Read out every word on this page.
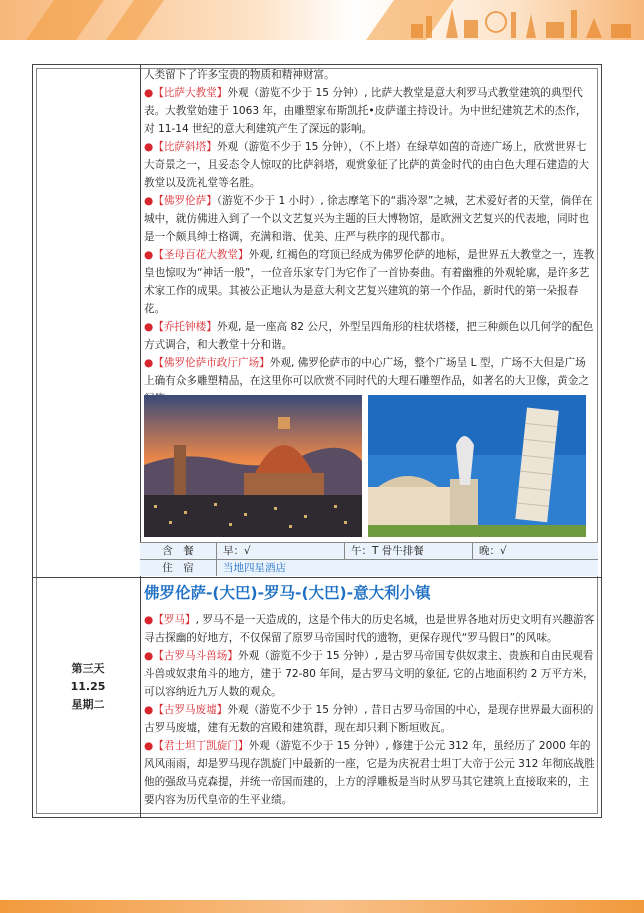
人类留下了许多宝贵的物质和精神财富。

●【比萨大教堂】外观（游览不少于 15 分钟）, 比萨大教堂是意大利罗马式教堂建筑的典型代表。大教堂始建于 1063 年，由雕塑家布斯凯托•皮萨谨主持设计。为中世纪建筑艺术的杰作，对 11-14 世纪的意大利建筑产生了深远的影响。

●【比萨斜塔】外观（游览不少于 15 分钟），（不上塔）在绿草如茵的奇迹广场上，欣赏世界七大奇景之一，且妥态令人惊叹的比萨斜塔，观赏象征了比萨的黄金时代的由白色大理石建造的大教堂以及洗礼堂等名胜。

●【佛罗伦萨】（游览不少于 1 小时）, 徐志摩笔下的“翡冷翠”之城，艺术爱好者的天堂，倘佯在城中，就仿佛进入到了一个以文艺复兴为主题的巨大博物馆，是欧洲文艺复兴的代表地，同时也是一个颇具绅士格调，充满和谐、优美、庄严与秩序的现代都市。

●【圣母百花大教堂】外观, 红褐色的穹顶已经成为佛罗伦萨的地标，是世界五大教堂之一，连教皇也惊叹为“神话一般”，一位音乐家专门为它作了一首协奏曲。有着幽雅的外观轮廓，是许多艺术家工作的成果。其被公正地认为是意大利文艺复兴建筑的第一个作品，新时代的第一朵报春花。

●【乔托钟楼】外观, 是一座高 82 公尺，外型呈四角形的柱状塔楼，把三种颜色以几何学的配色方式调合，和大教堂十分和谐。

●【佛罗伦萨市政厅广场】外观, 佛罗伦萨市的中心广场，整个广场呈 L 型，广场不大但是广场上确有众多雕塑精品，在这里你可以欣赏不同时代的大理石雕塑作品，如著名的大卫像，黄金之

含　餐	早：√	午：T 骨牛排餐	晚：√
住　宿	当地四星酒店
第三天
11.25
星期二
佛罗伦萨-(大巴)-罗马-(大巴)-意大利小镇

●【罗马】, 罗马不是一天造成的，这是个伟大的历史名城，也是世界各地对历史文明有兴趣游客寻古探幽的好地方，不仅保留了原罗马帝国时代的遗物，更保存现代“罗马假日”的风味。

●【古罗马斗兽场】外观（游览不少于 15 分钟）, 是古罗马帝国专供奴隶主、贵族和自由民观看斗兽或奴隶角斗的地方，建于 72-80 年间，是古罗马文明的象征, 它的占地面积约 2 万平方米，可以容纳近九万人数的观众。

●【古罗马废墟】外观（游览不少于 15 分钟）, 昔日古罗马帝国的中心，是现存世界最大面积的古罗马废墟，建有无数的宫殿和建筑群，现在却只剩下断垣败瓦。

●【君士坦丁凯旋门】外观（游览不少于 15 分钟）, 修建于公元 312 年，虽经历了 2000 年的风风雨雨，却是罗马现存凯旋门中最新的一座，它是为庆祝君士坦丁大帝于公元 312 年彻底战胜他的强敌马克森提，并统一帝国而建的，上方的浮雕板是当时从罗马其它建筑上直接取来的，主要内容为历代皇帝的生平业绩。
